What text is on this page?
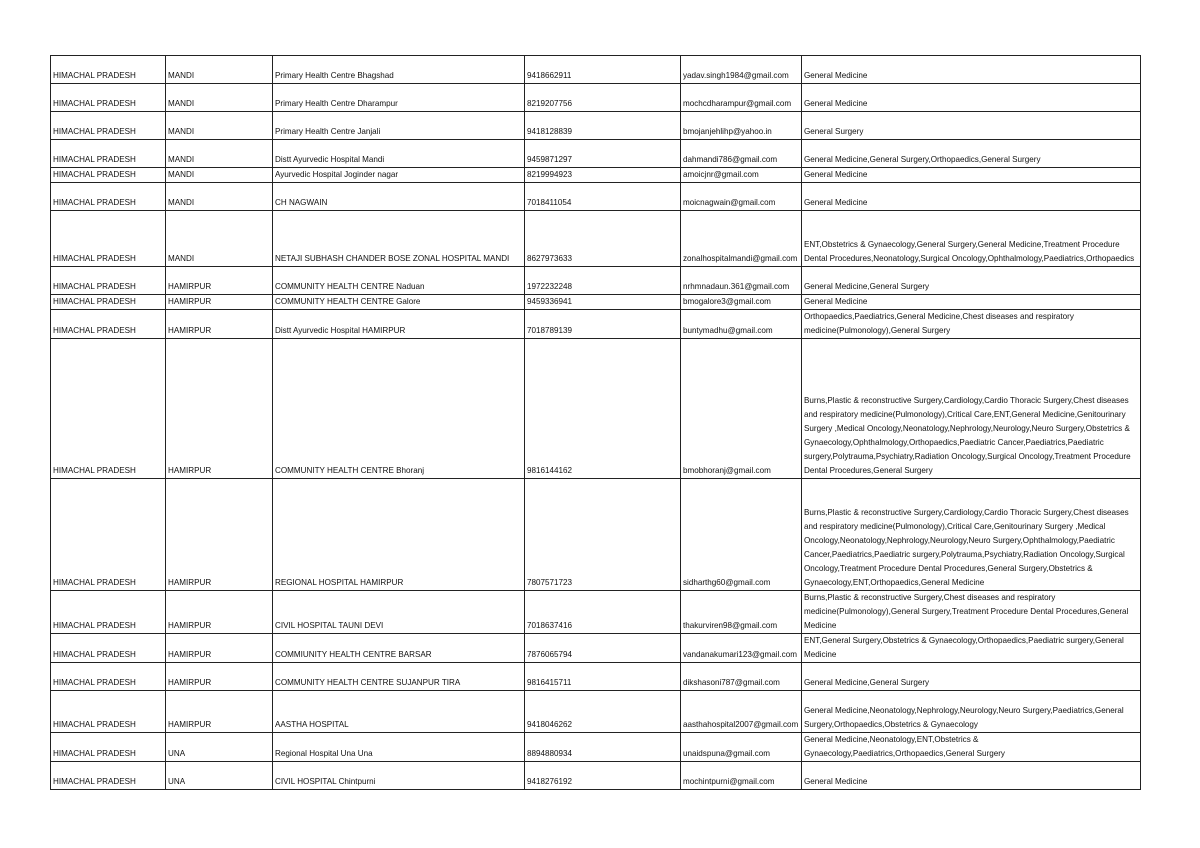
HIMACHAL PRADESH	MANDI	Primary Health Centre Bhagshad	9418662911	yadav.singh1984@gmail.com	General Medicine
HIMACHAL PRADESH	MANDI	Primary Health Centre Dharampur	8219207756	mochcdharampur@gmail.com	General Medicine
HIMACHAL PRADESH	MANDI	Primary Health Centre Janjali	9418128839	bmojanjehlihp@yahoo.in	General Surgery
HIMACHAL PRADESH	MANDI	Distt Ayurvedic Hospital Mandi	9459871297	dahmandi786@gmail.com	General Medicine,General Surgery,Orthopaedics,General Surgery
HIMACHAL PRADESH	MANDI	Ayurvedic Hospital Joginder nagar	8219994923	amoicjnr@gmail.com	General Medicine
HIMACHAL PRADESH	MANDI	CH NAGWAIN	7018411054	moicnagwain@gmail.com	General Medicine
HIMACHAL PRADESH	MANDI	NETAJI SUBHASH CHANDER BOSE ZONAL HOSPITAL MANDI	8627973633	zonalhospitalmandi@gmail.com	ENT,Obstetrics & Gynaecology,General Surgery,General Medicine,Treatment Procedure Dental Procedures,Neonatology,Surgical Oncology,Ophthalmology,Paediatrics,Orthopaedics
HIMACHAL PRADESH	HAMIRPUR	COMMUNITY HEALTH CENTRE Naduan	1972232248	nrhmnadaun.361@gmail.com	General Medicine,General Surgery
HIMACHAL PRADESH	HAMIRPUR	COMMUNITY HEALTH CENTRE Galore	9459336941	bmogalore3@gmail.com	General Medicine
HIMACHAL PRADESH	HAMIRPUR	Distt Ayurvedic Hospital HAMIRPUR	7018789139	buntymadhu@gmail.com	Orthopaedics,Paediatrics,General Medicine,Chest diseases and respiratory medicine(Pulmonology),General Surgery
HIMACHAL PRADESH	HAMIRPUR	COMMUNITY HEALTH CENTRE Bhoranj	9816144162	bmobhoranj@gmail.com	Burns,Plastic & reconstructive Surgery,Cardiology,Cardio Thoracic Surgery,Chest diseases and respiratory medicine(Pulmonology),Critical Care,ENT,General Medicine,Genitourinary Surgery ,Medical Oncology,Neonatology,Nephrology,Neurology,Neuro Surgery,Obstetrics & Gynaecology,Ophthalmology,Orthopaedics,Paediatric Cancer,Paediatrics,Paediatric surgery,Polytrauma,Psychiatry,Radiation Oncology,Surgical Oncology,Treatment Procedure Dental Procedures,General Surgery
HIMACHAL PRADESH	HAMIRPUR	REGIONAL HOSPITAL HAMIRPUR	7807571723	sidharthg60@gmail.com	Burns,Plastic & reconstructive Surgery,Cardiology,Cardio Thoracic Surgery,Chest diseases and respiratory medicine(Pulmonology),Critical Care,Genitourinary Surgery ,Medical Oncology,Neonatology,Nephrology,Neurology,Neuro Surgery,Ophthalmology,Paediatric Cancer,Paediatrics,Paediatric surgery,Polytrauma,Psychiatry,Radiation Oncology,Surgical Oncology,Treatment Procedure Dental Procedures,General Surgery,Obstetrics & Gynaecology,ENT,Orthopaedics,General Medicine
HIMACHAL PRADESH	HAMIRPUR	CIVIL HOSPITAL TAUNI DEVI	7018637416	thakurviren98@gmail.com	Burns,Plastic & reconstructive Surgery,Chest diseases and respiratory medicine(Pulmonology),General Surgery,Treatment Procedure Dental Procedures,General Medicine
HIMACHAL PRADESH	HAMIRPUR	COMMIUNITY HEALTH CENTRE BARSAR	7876065794	vandanakumari123@gmail.com	ENT,General Surgery,Obstetrics & Gynaecology,Orthopaedics,Paediatric surgery,General Medicine
HIMACHAL PRADESH	HAMIRPUR	COMMUNITY HEALTH CENTRE SUJANPUR TIRA	9816415711	dikshasoni787@gmail.com	General Medicine,General Surgery
HIMACHAL PRADESH	HAMIRPUR	AASTHA HOSPITAL	9418046262	aasthahospital2007@gmail.com	General Medicine,Neonatology,Nephrology,Neurology,Neuro Surgery,Paediatrics,General Surgery,Orthopaedics,Obstetrics & Gynaecology
HIMACHAL PRADESH	UNA	Regional Hospital Una Una	8894880934	unaidspuna@gmail.com	General Medicine,Neonatology,ENT,Obstetrics & Gynaecology,Paediatrics,Orthopaedics,General Surgery
HIMACHAL PRADESH	UNA	CIVIL HOSPITAL Chintpurni	9418276192	mochintpurni@gmail.com	General Medicine
